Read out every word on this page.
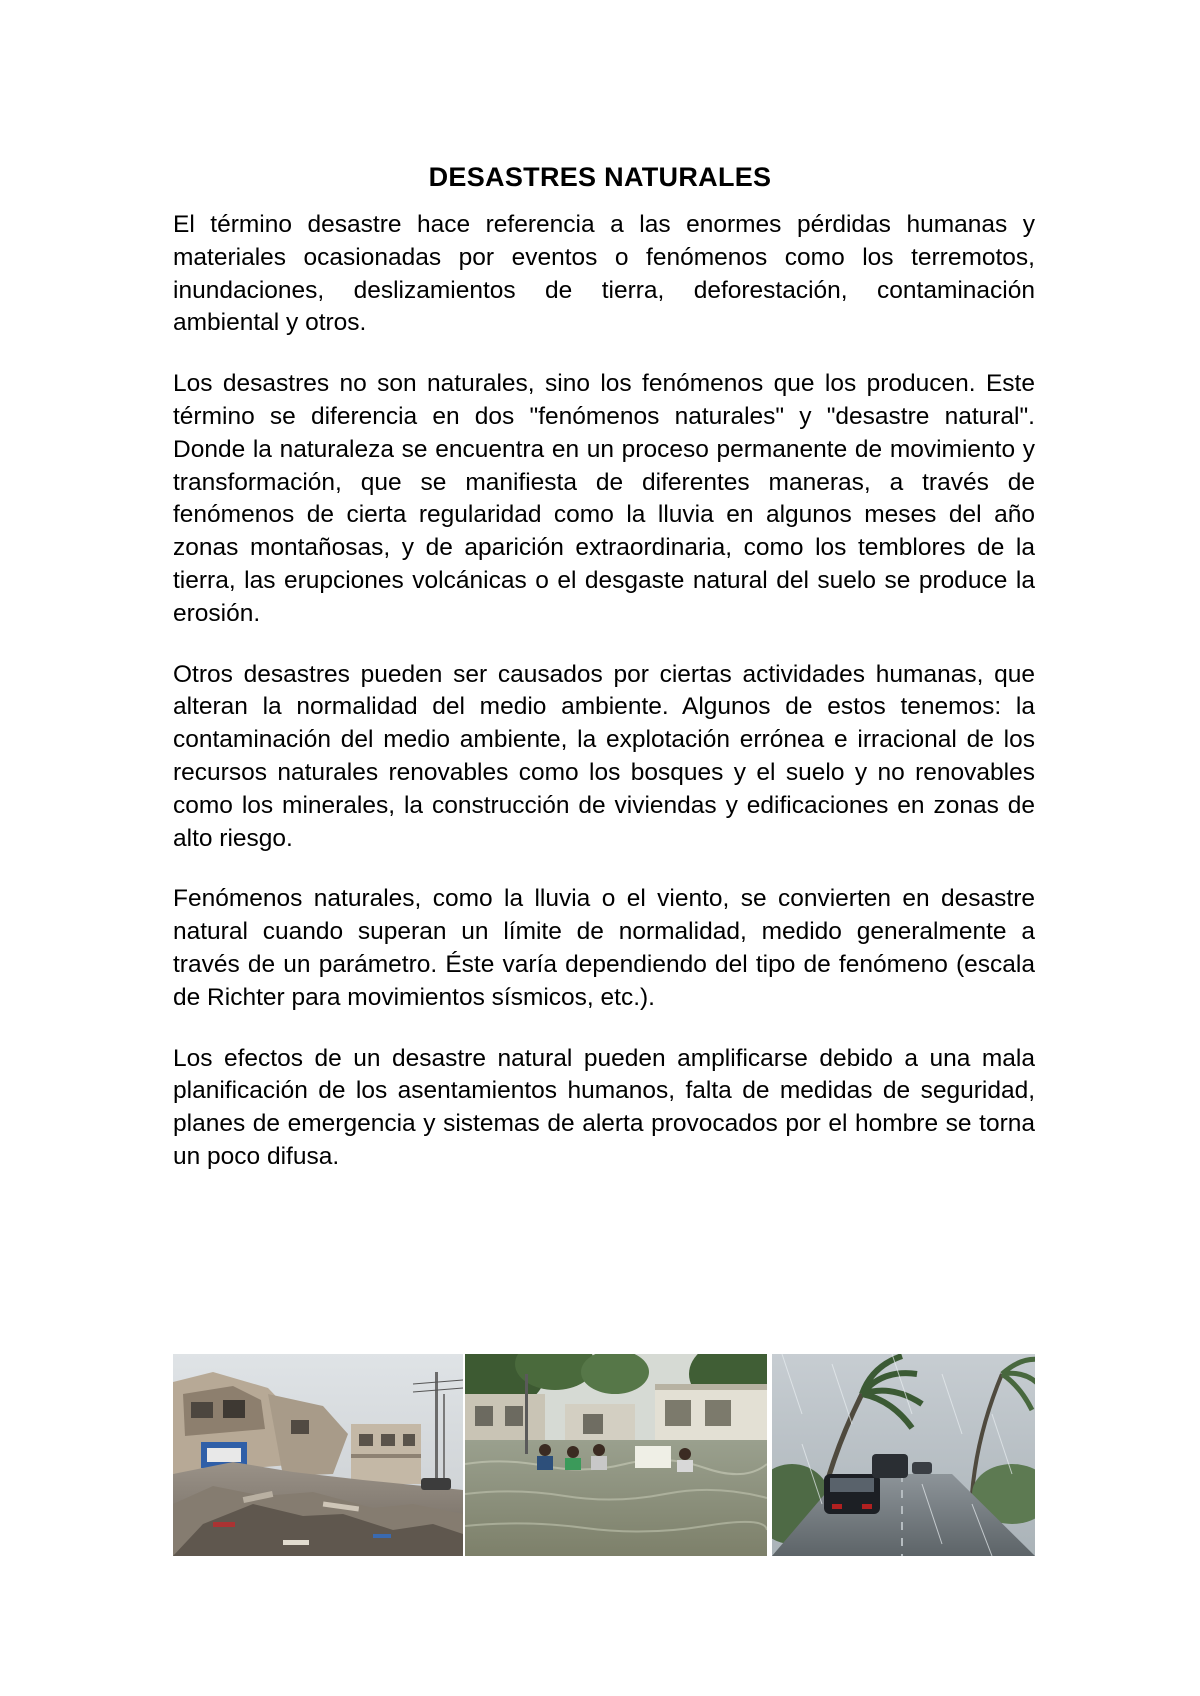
DESASTRES NATURALES

El término desastre hace referencia a las enormes pérdidas humanas y materiales ocasionadas por eventos o fenómenos como los terremotos, inundaciones, deslizamientos de tierra, deforestación, contaminación ambiental y otros.

Los desastres no son naturales, sino los fenómenos que los producen. Este término se diferencia en dos "fenómenos naturales" y "desastre natural". Donde la naturaleza se encuentra en un proceso permanente de movimiento y transformación, que se manifiesta de diferentes maneras, a través de fenómenos de cierta regularidad como la lluvia en algunos meses del año zonas montañosas, y de aparición extraordinaria, como los temblores de la tierra, las erupciones volcánicas o el desgaste natural del suelo se produce la erosión.

Otros desastres pueden ser causados por ciertas actividades humanas, que alteran la normalidad del medio ambiente. Algunos de estos tenemos: la contaminación del medio ambiente, la explotación errónea e irracional de los recursos naturales renovables como los bosques y el suelo y no renovables como los minerales, la construcción de viviendas y edificaciones en zonas de alto riesgo.

Fenómenos naturales, como la lluvia o el viento, se convierten en desastre natural cuando superan un límite de normalidad, medido generalmente a través de un parámetro. Éste varía dependiendo del tipo de fenómeno (escala de Richter para movimientos sísmicos, etc.).

Los efectos de un desastre natural pueden amplificarse debido a una mala planificación de los asentamientos humanos, falta de medidas de seguridad, planes de emergencia y sistemas de alerta provocados por el hombre se torna un poco difusa.
